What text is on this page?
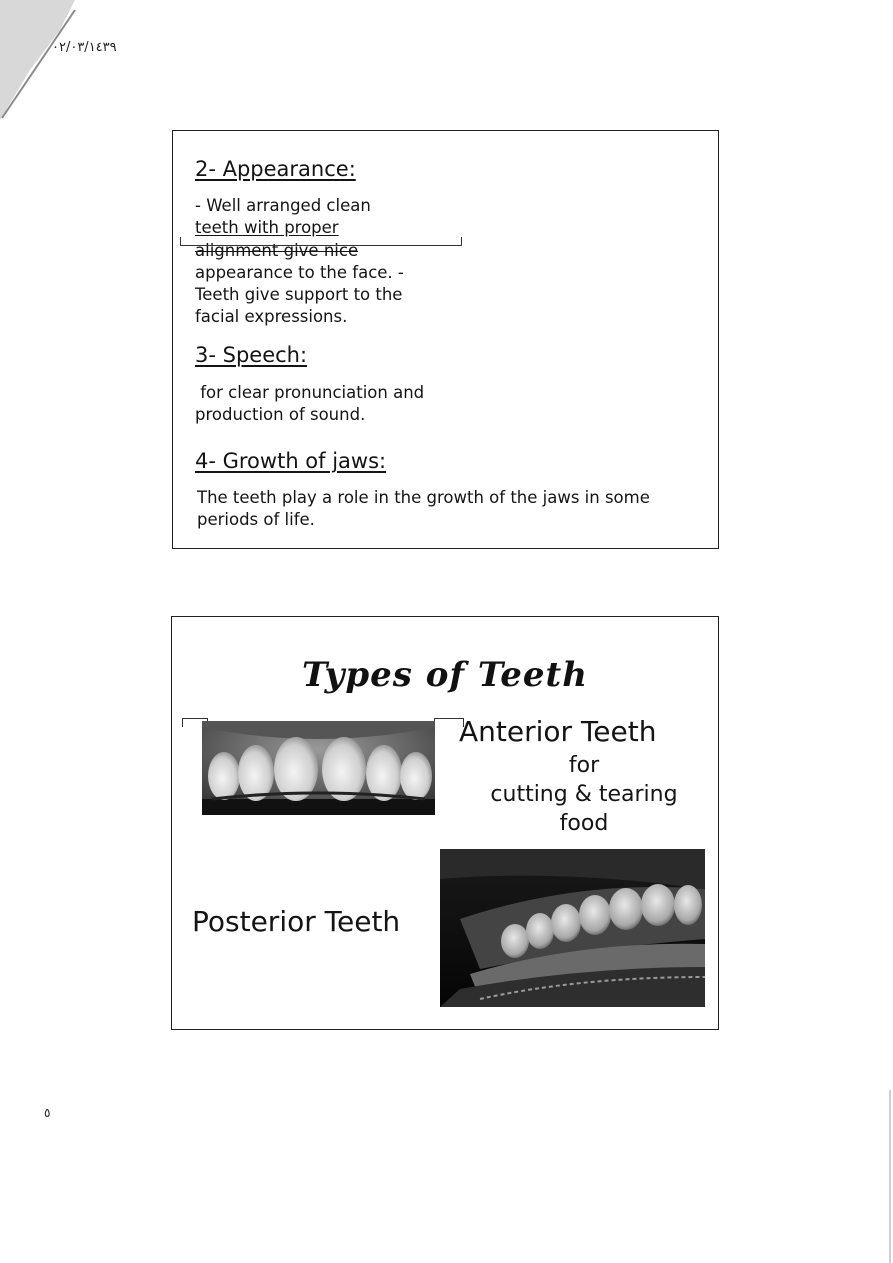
٠٢/٠٣/١٤٣٩
2- Appearance:
- Well arranged clean
teeth with proper
alignment give nice
appearance to the face. -
Teeth give support to the
facial expressions.
3- Speech:
for clear pronunciation and
production of sound.
4- Growth of jaws:
The teeth play a role in the growth of the jaws in some
periods of life.
Types of Teeth
Anterior Teeth
for
cutting & tearing
food
Posterior Teeth
٥
